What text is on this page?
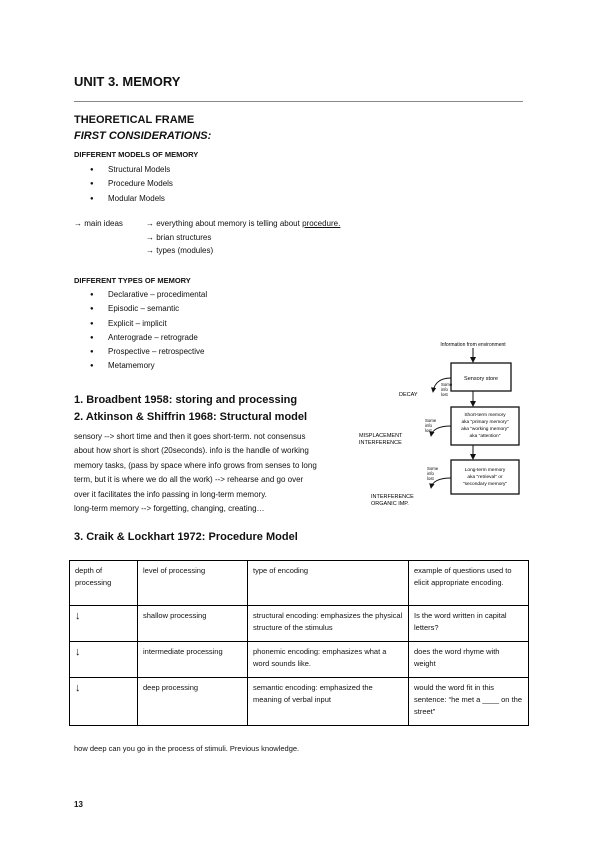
UNIT 3. MEMORY
THEORETICAL FRAME
FIRST CONSIDERATIONS:
DIFFERENT MODELS OF MEMORY
● Structural Models
● Procedure Models
● Modular Models
→ main ideas	→ everything about memory is telling about procedure.
→ brian structures
→ types (modules)
DIFFERENT TYPES OF MEMORY
● Declarative – procedimental
● Episodic – semantic
● Explicit – implicit
● Anterograde – retrograde
● Prospective – retrospective
● Metamemory
1. Broadbent 1958: storing and processing
2. Atkinson & Shiffrin 1968: Structural model
sensory --> short time and then it goes short-term. not consensus
about how short is short (20seconds). info is the handle of working
memory tasks, (pass by space where info grows from senses to long
term, but it is where we do all the work) --> rehearse and go over
over it facilitates the info passing in long-term memory.
long-term memory --> forgetting, changing, creating…
Information from environment
Sensory store
Short-term memory
aka "primary memory"
aka "working memory"
aka "attention"
Long-term memory
aka "retrieval" or
"secondary memory"
Some
info
lost
DECAY
Some
info
lost
MISPLACEMENT
INTERFERENCE
Some
info
lost
INTERFERENCE
ORGANIC IMP.
3. Craik & Lockhart 1972: Procedure Model
depth of processing	level of processing	type of encoding	example of questions used to elicit appropriate encoding.
↓	shallow processing	structural encoding: emphasizes the physical structure of the stimulus	Is the word written in capital letters?
↓	intermediate processing	phonemic encoding: emphasizes what a word sounds like.	does the word rhyme with weight
↓	deep processing	semantic encoding: emphasized the meaning of verbal input	would the word fit in this sentence: “he met a ____ on the street”
how deep can you go in the process of stimuli. Previous knowledge.
13
